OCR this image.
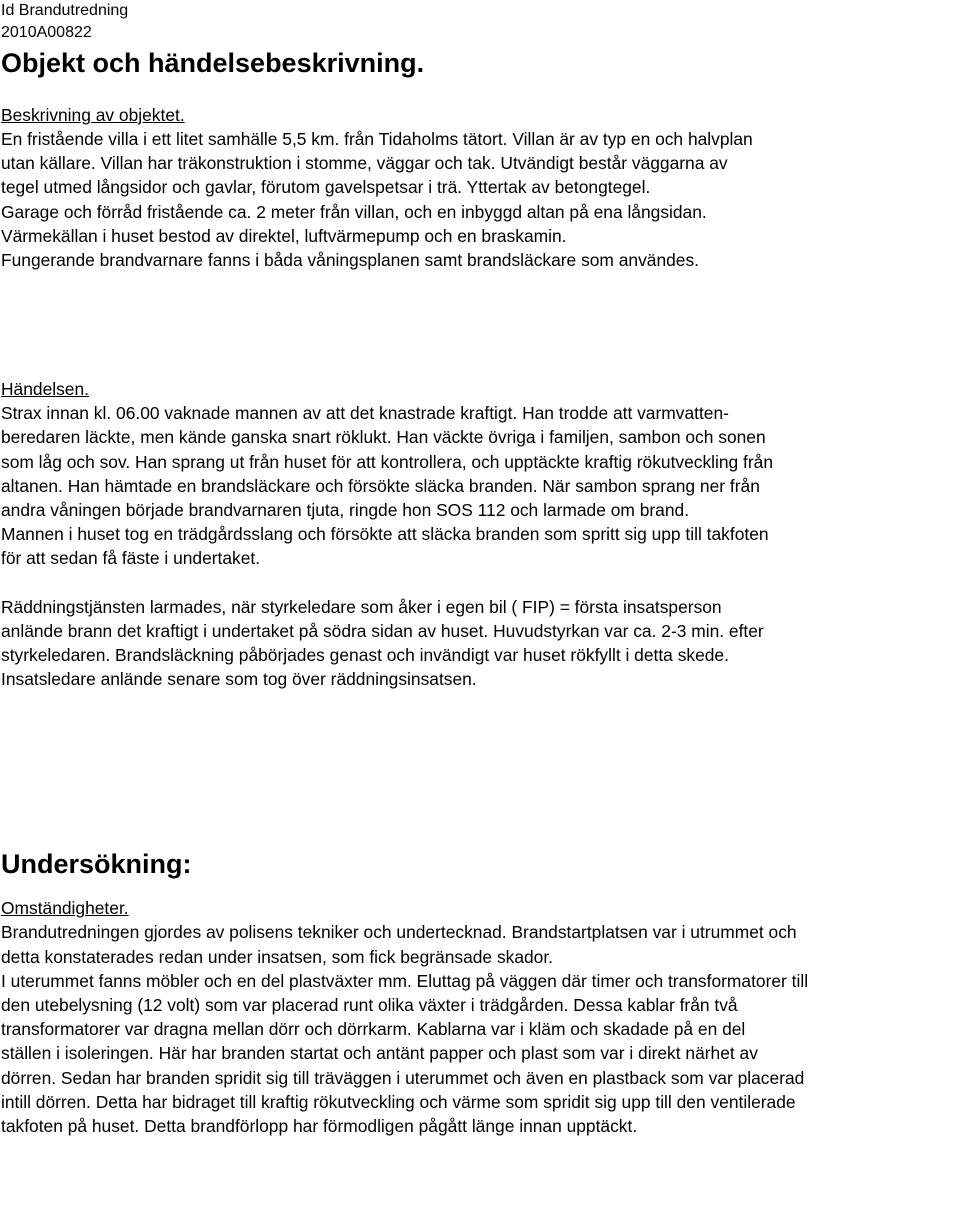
Id Brandutredning
2010A00822
Objekt och händelsebeskrivning.
Beskrivning av objektet.

En fristående villa i ett litet samhälle 5,5 km. från Tidaholms tätort. Villan är av typ en och halvplan
utan källare. Villan har träkonstruktion i stomme, väggar och tak. Utvändigt består väggarna av
tegel utmed långsidor och gavlar, förutom gavelspetsar i trä. Yttertak av betongtegel.
Garage och förråd fristående ca. 2 meter från villan, och en inbyggd altan på ena långsidan.
Värmekällan i huset bestod av direktel, luftvärmepump och en braskamin.
Fungerande brandvarnare fanns i båda våningsplanen samt brandsläckare som användes.

Händelsen.

Strax innan kl. 06.00 vaknade mannen av att det knastrade kraftigt. Han trodde att varmvatten-
beredaren läckte, men kände ganska snart röklukt. Han väckte övriga i familjen, sambon och sonen
som låg och sov. Han sprang ut från huset för att kontrollera, och upptäckte kraftig rökutveckling från
altanen. Han hämtade en brandsläckare och försökte släcka branden. När sambon sprang ner från
andra våningen började brandvarnaren tjuta, ringde hon SOS 112 och larmade om brand.
Mannen i huset tog en trädgårdsslang och försökte att släcka branden som spritt sig upp till takfoten
för att sedan få fäste i undertaket.

Räddningstjänsten larmades, när styrkeledare som åker i egen bil ( FIP) = första insatsperson
anlände brann det kraftigt i undertaket på södra sidan av huset. Huvudstyrkan var ca. 2-3 min. efter
styrkeledaren. Brandsläckning påbörjades genast och invändigt var huset rökfyllt i detta skede.
Insatsledare anlände senare som tog över räddningsinsatsen.

Undersökning:
Omständigheter.

Brandutredningen gjordes av polisens tekniker och undertecknad. Brandstartplatsen var i utrummet och
detta konstaterades redan under insatsen, som fick begränsade skador.
I uterummet fanns möbler och en del plastväxter mm. Eluttag på väggen där timer och transformatorer till
den utebelysning (12 volt) som var placerad runt olika växter i trädgården. Dessa kablar från två
transformatorer var dragna mellan dörr och dörrkarm. Kablarna var i kläm och skadade på en del
ställen i isoleringen. Här har branden startat och antänt papper och plast som var i direkt närhet av
dörren. Sedan har branden spridit sig till träväggen i uterummet och även en plastback som var placerad
intill dörren. Detta har bidraget till kraftig rökutveckling och värme som spridit sig upp till den ventilerade
takfoten på huset. Detta brandförlopp har förmodligen pågått länge innan upptäckt.
